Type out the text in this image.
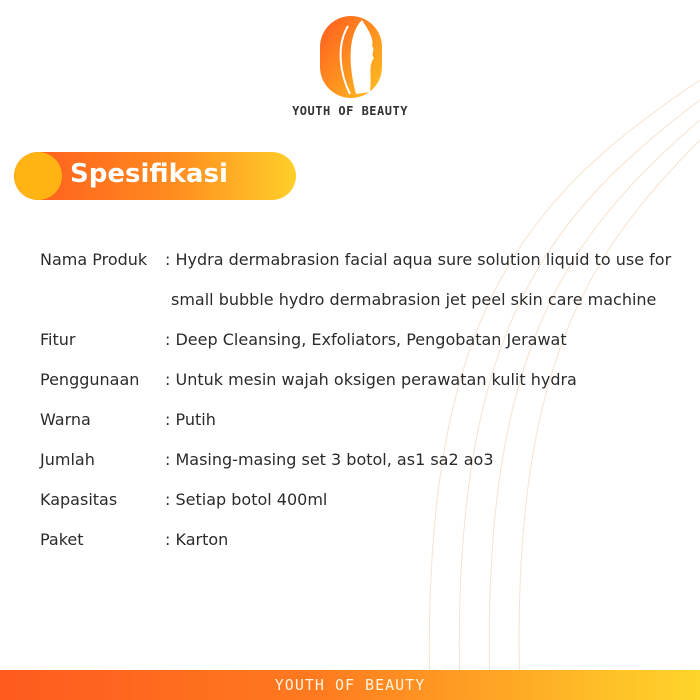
YOUTH OF BEAUTY
Spesifikasi
Nama Produk : Hydra dermabrasion facial aqua sure solution liquid to use for
small bubble hydro dermabrasion jet peel skin care machine
Fitur	: Deep Cleansing, Exfoliators, Pengobatan Jerawat
Penggunaan : Untuk mesin wajah oksigen perawatan kulit hydra
Warna	: Putih
Jumlah	: Masing-masing set 3 botol, as1 sa2 ao3
Kapasitas	: Setiap botol 400ml
Paket	: Karton
YOUTH OF BEAUTY
